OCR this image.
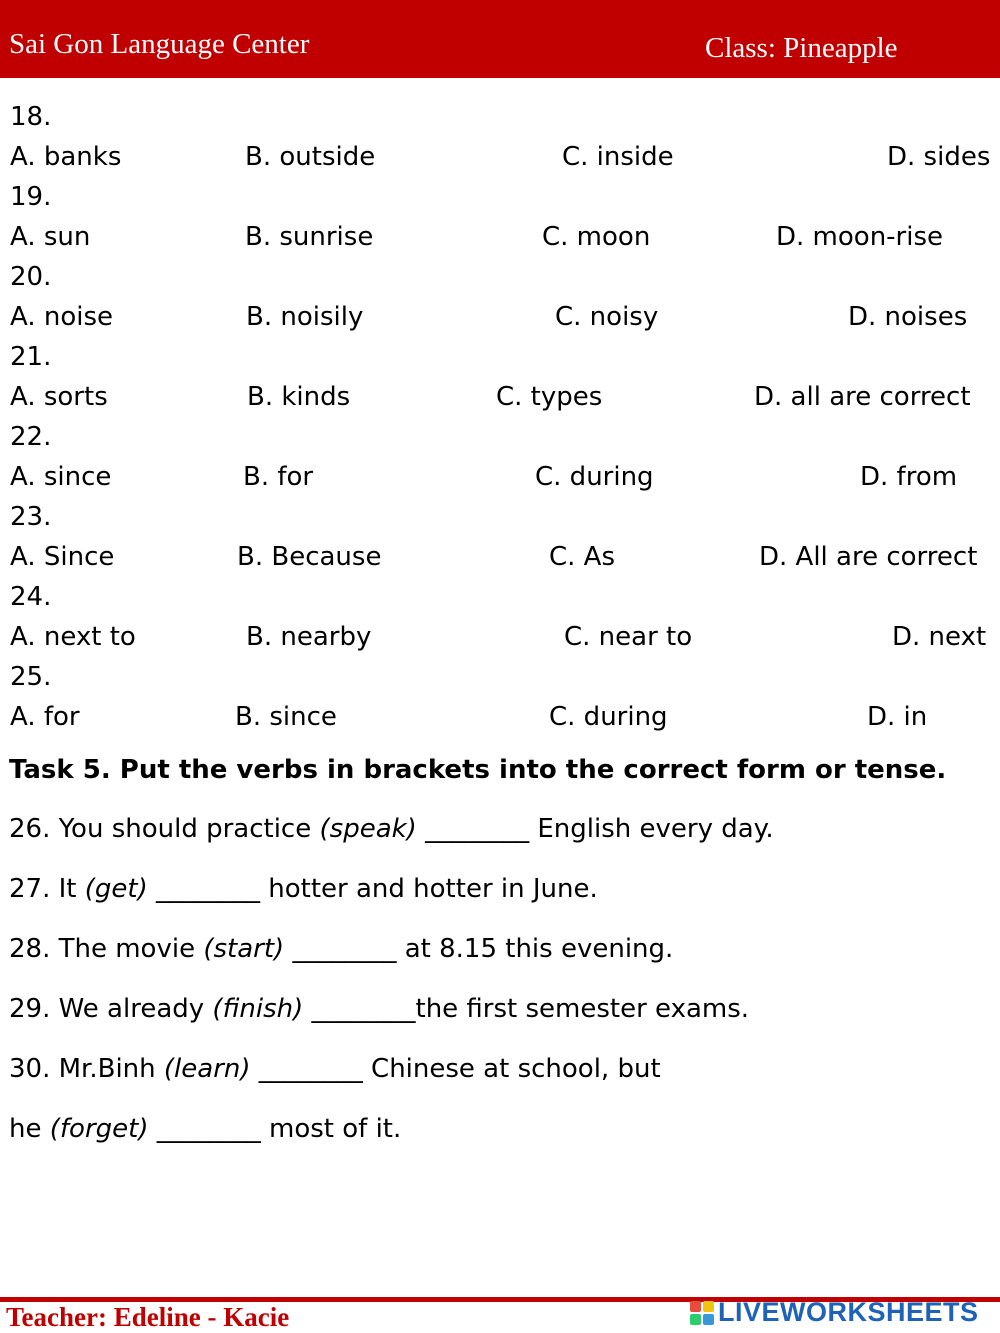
Sai Gon Language Center	Class: Pineapple
18.
A. banks	B. outside	C. inside	D. sides
19.
A. sun	B. sunrise	C. moon	D. moon-rise
20.
A. noise	B. noisily	C. noisy	D. noises
21.
A. sorts	B. kinds	C. types	D. all are correct
22.
A. since	B. for	C. during	D. from
23.
A. Since	B. Because	C. As	D. All are correct
24.
A. next to	B. nearby	C. near to	D. next
25.
A. for	B. since	C. during	D. in
Task 5. Put the verbs in brackets into the correct form or tense.
26. You should practice (speak) ________ English every day.
27. It (get) ________ hotter and hotter in June.
28. The movie (start) ________ at 8.15 this evening.
29. We already (finish) ________the first semester exams.
30. Mr.Binh (learn) ________ Chinese at school, but
he (forget) ________ most of it.
Teacher: Edeline - Kacie	LIVEWORKSHEETS
